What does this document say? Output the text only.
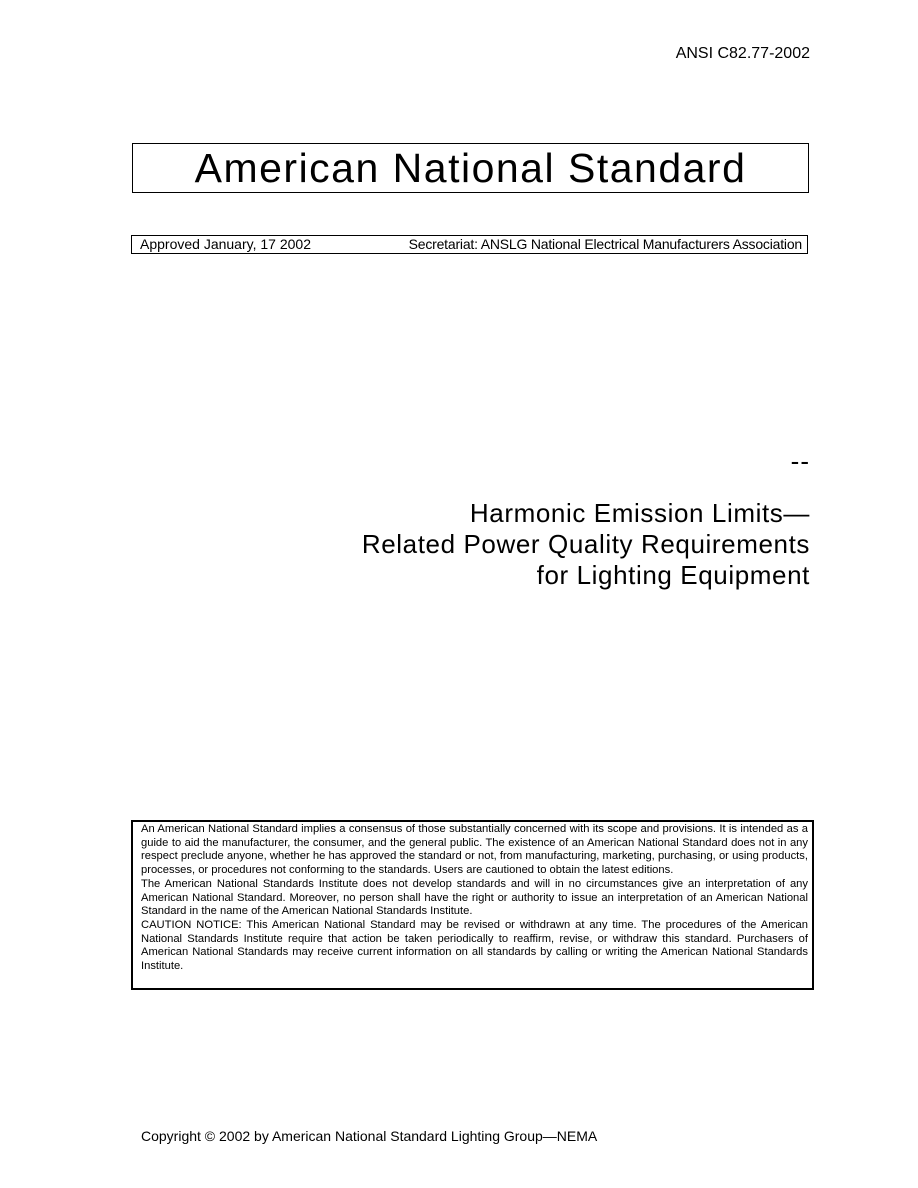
ANSI C82.77-2002
American National Standard
Approved January, 17 2002	Secretariat: ANSLG National Electrical Manufacturers Association
--
Harmonic Emission Limits—
Related Power Quality Requirements
for Lighting Equipment

An American National Standard implies a consensus of those substantially concerned with its scope and provisions. It is intended as a guide to aid the manufacturer, the consumer, and the general public. The existence of an American National Standard does not in any respect preclude anyone, whether he has approved the standard or not, from manufacturing, marketing, purchasing, or using products, processes, or procedures not conforming to the standards. Users are cautioned to obtain the latest editions.

The American National Standards Institute does not develop standards and will in no circumstances give an interpretation of any American National Standard. Moreover, no person shall have the right or authority to issue an interpretation of an American National Standard in the name of the American National Standards Institute.

CAUTION NOTICE: This American National Standard may be revised or withdrawn at any time. The procedures of the American National Standards Institute require that action be taken periodically to reaffirm, revise, or withdraw this standard. Purchasers of American National Standards may receive current information on all standards by calling or writing the American National Standards Institute.

Copyright © 2002 by American National Standard Lighting Group—NEMA
